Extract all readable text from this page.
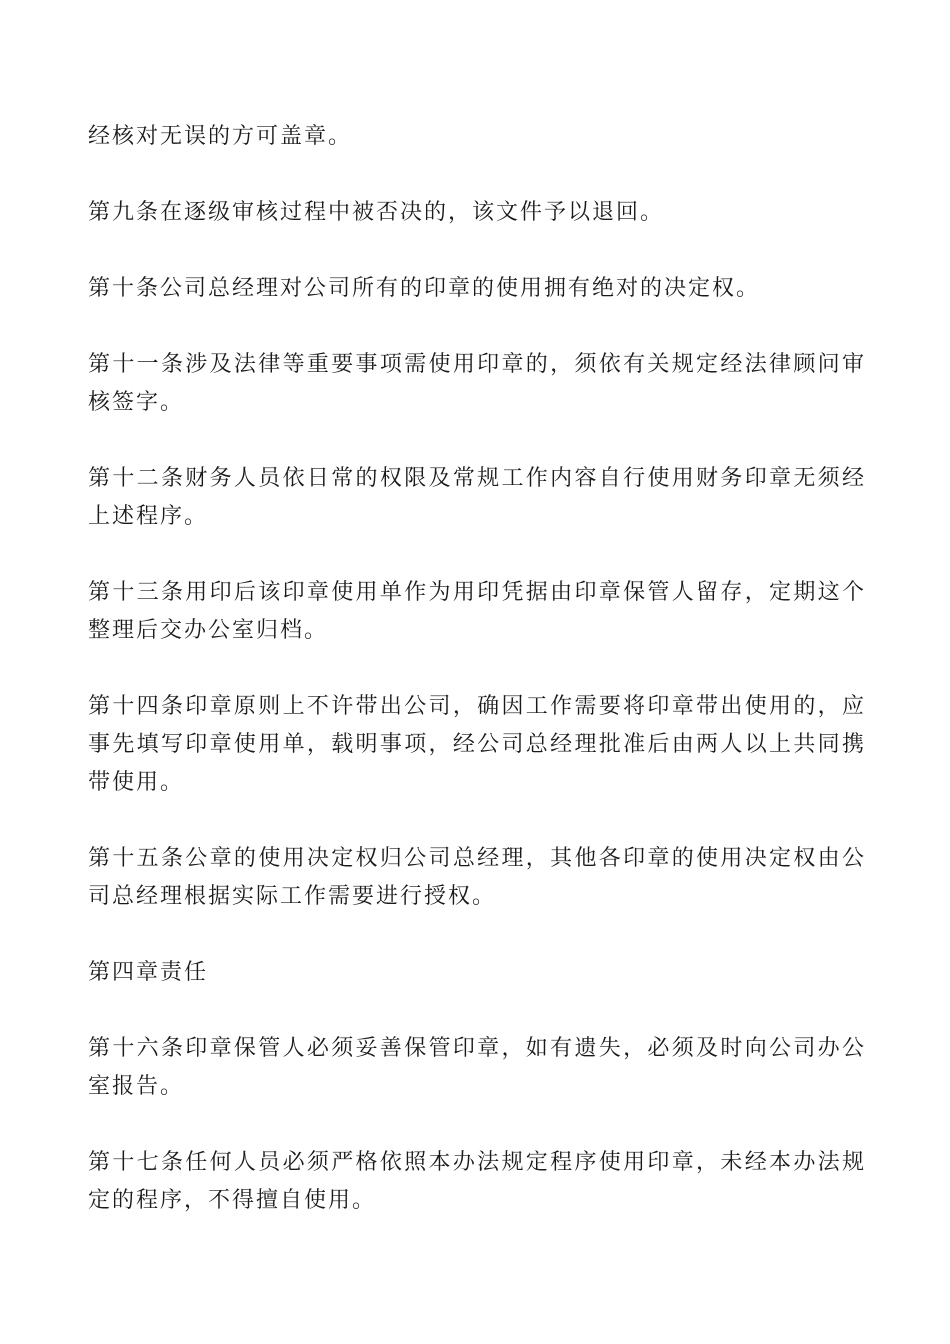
经核对无误的方可盖章。

第九条在逐级审核过程中被否决的，该文件予以退回。

第十条公司总经理对公司所有的印章的使用拥有绝对的决定权。

第十一条涉及法律等重要事项需使用印章的，须依有关规定经法律顾问审核签字。

第十二条财务人员依日常的权限及常规工作内容自行使用财务印章无须经上述程序。

第十三条用印后该印章使用单作为用印凭据由印章保管人留存，定期这个整理后交办公室归档。

第十四条印章原则上不许带出公司，确因工作需要将印章带出使用的，应事先填写印章使用单，载明事项，经公司总经理批准后由两人以上共同携带使用。

第十五条公章的使用决定权归公司总经理，其他各印章的使用决定权由公司总经理根据实际工作需要进行授权。

第四章责任

第十六条印章保管人必须妥善保管印章，如有遗失，必须及时向公司办公室报告。

第十七条任何人员必须严格依照本办法规定程序使用印章，未经本办法规定的程序，不得擅自使用。
